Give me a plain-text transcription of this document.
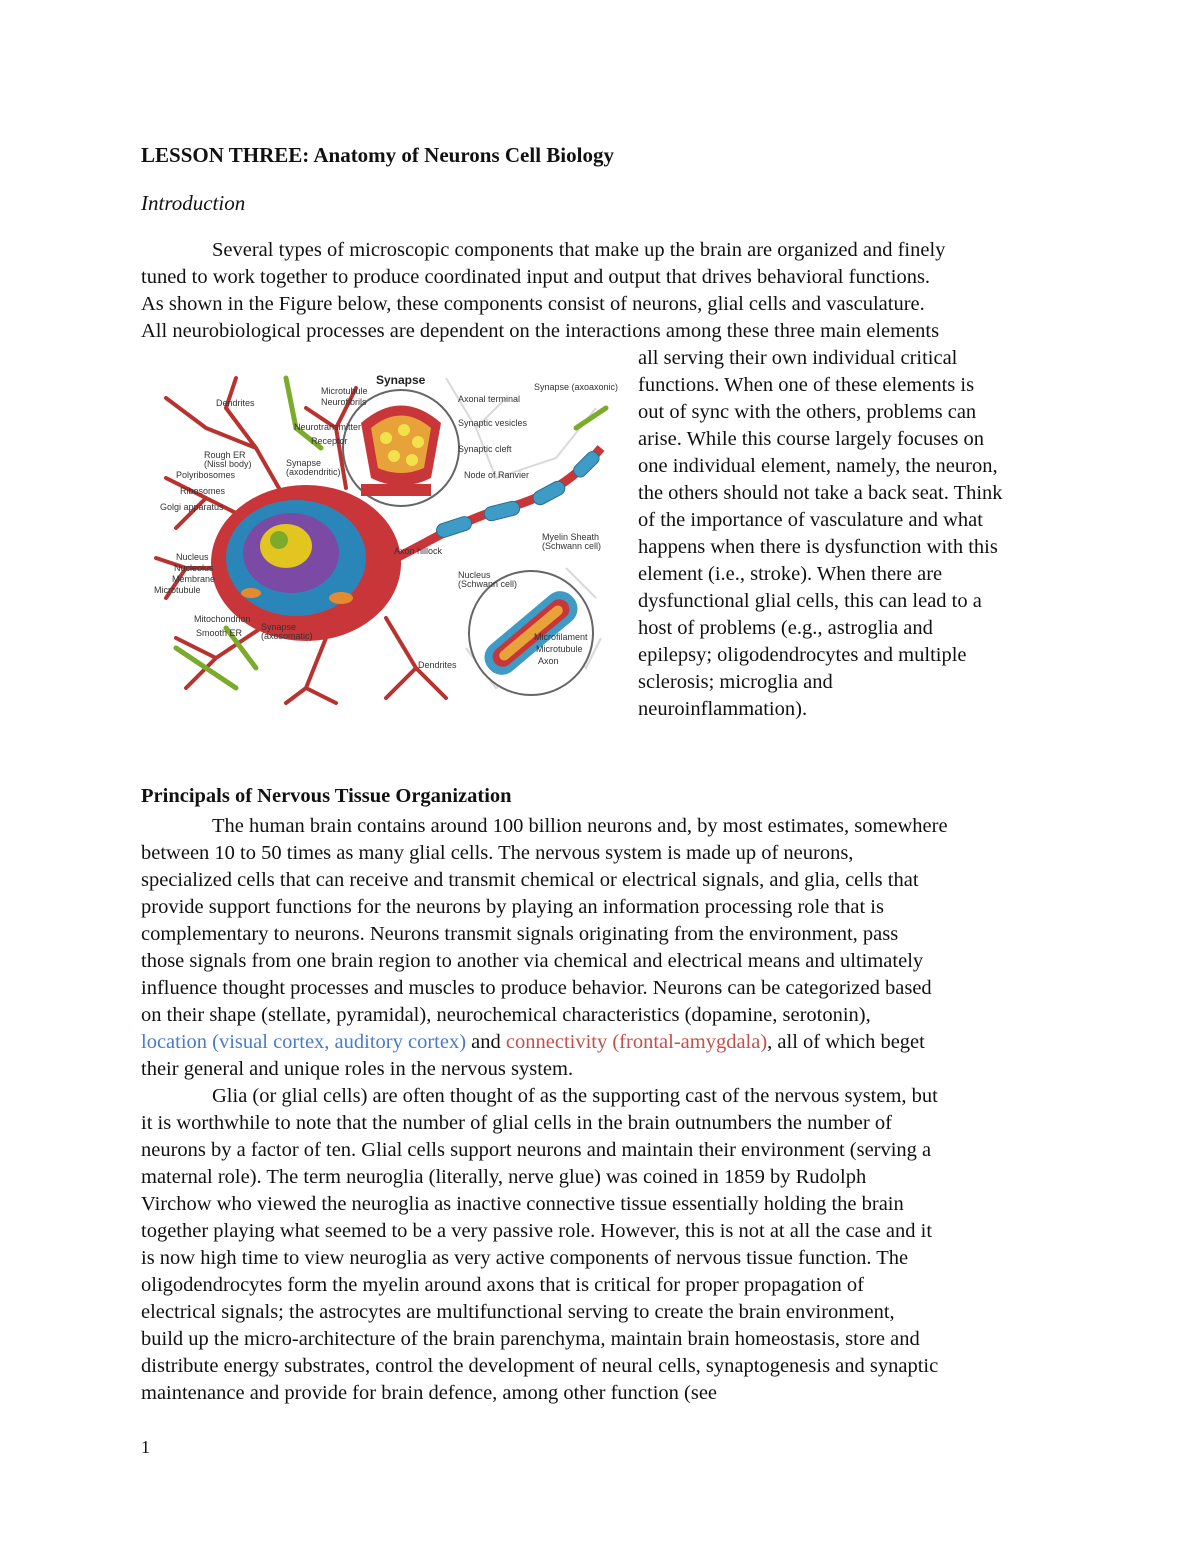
LESSON THREE: Anatomy of Neurons Cell Biology

Introduction

Several types of microscopic components that make up the brain are organized and finely

tuned to work together to produce coordinated input and output that drives behavioral functions.

As shown in the Figure below, these components consist of neurons, glial cells and vasculature.

All neurobiological processes are dependent on the interactions among these three main elements

Synapse
Dendrites
Microtubule
Neurofibrils
Neurotransmitter
Receptor
Rough ER
(Nissl body)
Polyribosomes
Ribosomes
Golgi apparatus
Synapse
(axodendritic)
Nucleus
Nucleolus
Membrane
Microtubule
Mitochondrion
Smooth ER
Synapse
(axosomatic)
Dendrites
Axonal terminal
Synaptic vesicles
Synaptic cleft
Node of Ranvier
Synapse (axoaxonic)
Axon hillock
Myelin Sheath
(Schwann cell)
Nucleus
(Schwann cell)
Microfilament
Microtubule
Axon

all serving their own individual critical

functions. When one of these elements is

out of sync with the others, problems can

arise. While this course largely focuses on

one individual element, namely, the neuron,

the others should not take a back seat. Think

of the importance of vasculature and what

happens when there is dysfunction with this

element (i.e., stroke). When there are

dysfunctional glial cells, this can lead to a

host of problems (e.g., astroglia and

epilepsy; oligodendrocytes and multiple

sclerosis; microglia and

neuroinflammation).

Principals of Nervous Tissue Organization

The human brain contains around 100 billion neurons and, by most estimates, somewhere

between 10 to 50 times as many glial cells. The nervous system is made up of neurons,

specialized cells that can receive and transmit chemical or electrical signals, and glia, cells that

provide support functions for the neurons by playing an information processing role that is

complementary to neurons. Neurons transmit signals originating from the environment, pass

those signals from one brain region to another via chemical and electrical means and ultimately

influence thought processes and muscles to produce behavior. Neurons can be categorized based

on their shape (stellate, pyramidal), neurochemical characteristics (dopamine, serotonin),

location (visual cortex, auditory cortex) and connectivity (frontal-amygdala), all of which beget

their general and unique roles in the nervous system.

Glia (or glial cells) are often thought of as the supporting cast of the nervous system, but

it is worthwhile to note that the number of glial cells in the brain outnumbers the number of

neurons by a factor of ten. Glial cells support neurons and maintain their environment (serving a

maternal role). The term neuroglia (literally, nerve glue) was coined in 1859 by Rudolph

Virchow who viewed the neuroglia as inactive connective tissue essentially holding the brain

together playing what seemed to be a very passive role. However, this is not at all the case and it

is now high time to view neuroglia as very active components of nervous tissue function. The

oligodendrocytes form the myelin around axons that is critical for proper propagation of

electrical signals; the astrocytes are multifunctional serving to create the brain environment,

build up the micro-architecture of the brain parenchyma, maintain brain homeostasis, store and

distribute energy substrates, control the development of neural cells, synaptogenesis and synaptic

maintenance and provide for brain defence, among other function (see

1
